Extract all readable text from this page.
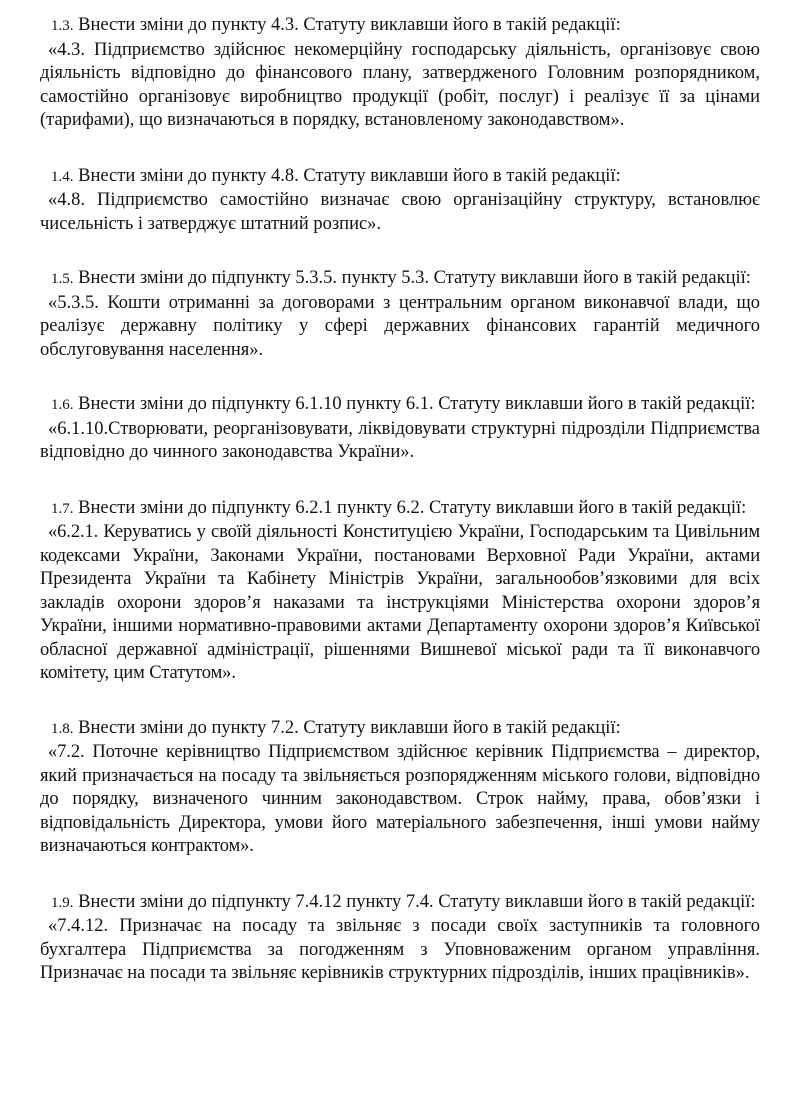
1.3. Внести зміни до пункту 4.3. Статуту виклавши його в такій редакції:

«4.3. Підприємство здійснює некомерційну господарську діяльність, організовує свою діяльність відповідно до фінансового плану, затвердженого Головним розпорядником, самостійно організовує виробництво продукції (робіт, послуг) і реалізує її за цінами (тарифами), що визначаються в порядку, встановленому законодавством».

1.4. Внести зміни до пункту 4.8. Статуту виклавши його в такій редакції:

«4.8. Підприємство самостійно визначає свою організаційну структуру, встановлює чисельність і затверджує штатний розпис».

1.5. Внести зміни до підпункту 5.3.5. пункту 5.3. Статуту виклавши його в такій редакції:

«5.3.5. Кошти отриманні за договорами з центральним органом виконавчої влади, що реалізує державну політику у сфері державних фінансових гарантій медичного обслуговування населення».

1.6. Внести зміни до підпункту 6.1.10 пункту 6.1. Статуту виклавши його в такій редакції:

«6.1.10.Створювати, реорганізовувати, ліквідовувати структурні підрозділи Підприємства відповідно до чинного законодавства України».

1.7. Внести зміни до підпункту 6.2.1 пункту 6.2. Статуту виклавши його в такій редакції:

«6.2.1. Керуватись у своїй діяльності Конституцією України, Господарським та Цивільним кодексами України, Законами України, постановами Верховної Ради України, актами Президента України та Кабінету Міністрів України, загальнообов’язковими для всіх закладів охорони здоров’я наказами та інструкціями Міністерства охорони здоров’я України, іншими нормативно-правовими актами Департаменту охорони здоров’я Київської обласної державної адміністрації, рішеннями Вишневої міської ради та її виконавчого комітету, цим Статутом».

1.8. Внести зміни до пункту 7.2. Статуту виклавши його в такій редакції:

«7.2. Поточне керівництво Підприємством здійснює керівник Підприємства – директор, який призначається на посаду та звільняється розпорядженням міського голови, відповідно до порядку, визначеного чинним законодавством. Строк найму, права, обов’язки і відповідальність Директора, умови його матеріального забезпечення, інші умови найму визначаються контрактом».

1.9. Внести зміни до підпункту 7.4.12 пункту 7.4. Статуту виклавши його в такій редакції:

«7.4.12. Призначає на посаду та звільняє з посади своїх заступників та головного бухгалтера Підприємства за погодженням з Уповноваженим органом управління. Призначає на посади та звільняє керівників структурних підрозділів, інших працівників».
